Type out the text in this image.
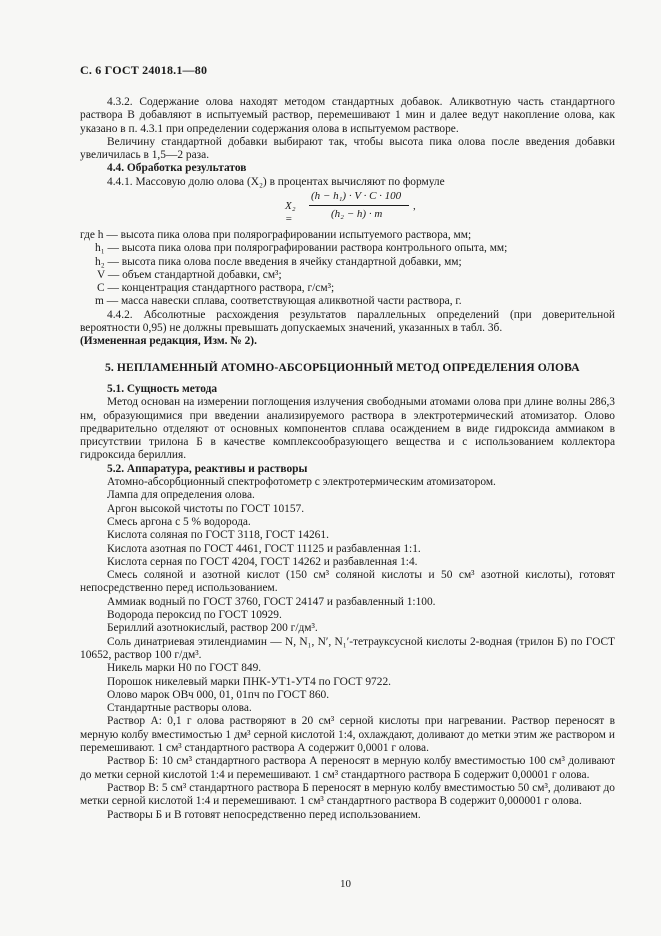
С. 6 ГОСТ 24018.1—80

4.3.2. Содержание олова находят методом стандартных добавок. Аликвотную часть стандартного раствора В добавляют в испытуемый раствор, перемешивают 1 мин и далее ведут накопление олова, как указано в п. 4.3.1 при определении содержания олова в испытуемом растворе.

Величину стандартной добавки выбирают так, чтобы высота пика олова после введения добавки увеличилась в 1,5—2 раза.

4.4. Обработка результатов

4.4.1. Массовую долю олова (X₂) в процентах вычисляют по формуле

X₂ =
(h − h₁) · V · C · 100
(h₂ − h) · m
,

где h — высота пика олова при полярографировании испытуемого раствора, мм;

h₁ — высота пика олова при полярографировании раствора контрольного опыта, мм;

h₂ — высота пика олова после введения в ячейку стандартной добавки, мм;

V — объем стандартной добавки, см³;

C — концентрация стандартного раствора, г/см³;

m — масса навески сплава, соответствующая аликвотной части раствора, г.

4.4.2. Абсолютные расхождения результатов параллельных определений (при доверительной вероятности 0,95) не должны превышать допускаемых значений, указанных в табл. 3б.

(Измененная редакция, Изм. № 2).

5. НЕПЛАМЕННЫЙ АТОМНО-АБСОРБЦИОННЫЙ МЕТОД ОПРЕДЕЛЕНИЯ ОЛОВА

5.1. Сущность метода

Метод основан на измерении поглощения излучения свободными атомами олова при длине волны 286,3 нм, образующимися при введении анализируемого раствора в электротермический атомизатор. Олово предварительно отделяют от основных компонентов сплава осаждением в виде гидроксида аммиаком в присутствии трилона Б в качестве комплексообразующего вещества и с использованием коллектора гидроксида бериллия.

5.2. Аппаратура, реактивы и растворы

Атомно-абсорбционный спектрофотометр с электротермическим атомизатором.

Лампа для определения олова.

Аргон высокой чистоты по ГОСТ 10157.

Смесь аргона с 5 % водорода.

Кислота соляная по ГОСТ 3118, ГОСТ 14261.

Кислота азотная по ГОСТ 4461, ГОСТ 11125 и разбавленная 1:1.

Кислота серная по ГОСТ 4204, ГОСТ 14262 и разбавленная 1:4.

Смесь соляной и азотной кислот (150 см³ соляной кислоты и 50 см³ азотной кислоты), готовят непосредственно перед использованием.

Аммиак водный по ГОСТ 3760, ГОСТ 24147 и разбавленный 1:100.

Водорода пероксид по ГОСТ 10929.

Бериллий азотнокислый, раствор 200 г/дм³.

Соль динатриевая этилендиамин — N, N₁, N′, N₁′-тетрауксусной кислоты 2-водная (трилон Б) по ГОСТ 10652, раствор 100 г/дм³.

Никель марки Н0 по ГОСТ 849.

Порошок никелевый марки ПНК-УТ1-УТ4 по ГОСТ 9722.

Олово марок ОВч 000, 01, 01пч по ГОСТ 860.

Стандартные растворы олова.

Раствор А: 0,1 г олова растворяют в 20 см³ серной кислоты при нагревании. Раствор переносят в мерную колбу вместимостью 1 дм³ серной кислотой 1:4, охлаждают, доливают до метки этим же раствором и перемешивают. 1 см³ стандартного раствора А содержит 0,0001 г олова.

Раствор Б: 10 см³ стандартного раствора А переносят в мерную колбу вместимостью 100 см³ доливают до метки серной кислотой 1:4 и перемешивают. 1 см³ стандартного раствора Б содержит 0,00001 г олова.

Раствор В: 5 см³ стандартного раствора Б переносят в мерную колбу вместимостью 50 см³, доливают до метки серной кислотой 1:4 и перемешивают. 1 см³ стандартного раствора В содержит 0,000001 г олова.

Растворы Б и В готовят непосредственно перед использованием.

10
